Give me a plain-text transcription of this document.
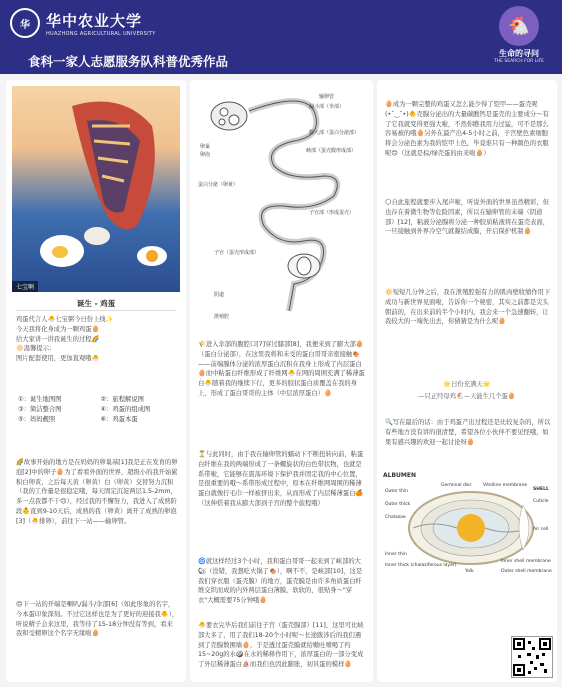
华	华中农业大学
HUAZHONG AGRICULTURAL UNIVERSITY
食科一家人志愿服务队科普优秀作品
🐔
生命的寻问
THE SEARCH FOR LIFE
七宝啊
诞生 - 鸡蛋
鸡蛋代言人🐣七宝粥今日份上线✨
今天我将化身成为一颗鸡蛋🥚
给大家讲一讲我诞生的过程🌈
🔆温馨提示：
图片配套使用，更加直观哦🐣
①：诞生地图图	②：旅程解说图
③：简洁整合图	④：鸡蛋的组成图
⑤：妈妈靓照	⑥：鸡蛋本蛋
🌈故事开始的地方是在妈妈的卵巢基[1]我是正在发育的卵泡[2]中的卵子🥚为了看看外面的世界，超级小的我开始累积白卵黄，之后每天黄（卵黄）白（卵黄）交替努力沉积（我的工作量是很稳定哦，每天固定沉淀两层1.5-2mm，多一点我都不干🙃），经过我的不懈努力，我进入了成熟阶段👶直到9-10天后，成熟的我（卵黄）离开了成熟的卵泡[3]（🐣排卵），前往下一站——输卵管。
🙃下一站的开端是喇叭/漏斗/伞部[6]（如此形象的名字，今本蛋印象深刻。不过它这样也是为了更好的迎接我🐥），听说精子会来这里，我等待了15-18分钟没有等到，看来我和受精卵这个名字无缘啦🥚
卵巢
卵泡
输卵管
漏斗部（伞部）
膨大部（蛋白分泌部）
峡部（蛋壳膜形成部）
蛋白分泌（卵黄）
子宫部（形成蛋壳）
子宫（蛋壳形成部）
阴道
泄殖腔
🌾进入伞部的腹腔口[7]穿过膝部[8]，我便来到了膨大部🥚（蛋白分泌部），在这里我将和未受的蛋白哥哥亲密接触🍖——前端腺体分泌的浓厚蛋白沉积在我身上形成了内层蛋白🥚而中粘蛋白纤维形成了纤维网🐣在网的周围充满了稀薄蛋白🐣随着我的继续下行，更多的胶状蛋白质覆盖在我的身上，形成了蛋白哥哥的主体（中层浓厚蛋白）🥚
⏳与此同时，由于我在输卵管的蠕动下不断扭转向前，粘蛋白纤维在我的两端形成了一条螺旋状的白色带状物，也就是系带啦，它能够在震荡环境下保护我并固定我的中心位置，是很重要的哦～系带形成过程中，原本在纤维网周围的稀薄蛋白就像拧毛巾一样被挤出来，从而形成了内层稀薄蛋白🍊（这伸搭着我从膨大部到子宫的整个旅程哦）
🌀就这样经过3个小时，我和蛋白哥哥一起来到了峡部的大🐿（没错，我想吃火锅了🍖），啊不不，是峡部[10]，这是我们穿衣服（蛋壳膜）的地方，蛋壳膜是由许多角质蛋白纤维交织而成的内外两层蛋白薄膜，软软的，很贴身～"穿衣"大概需要75分钟哦🥚
🐣要衣完毕后我们前往子宫（蛋壳腺部）[11]，这里可比峡部大多了，用了我们18-20个小时呢～长途跋涉后的我们遇到了壳腺数围墙🥚，于是透过蛋壳膜就给嗷吐喷喝了约15~20g的水🥥在水的稀释作用下，浓厚蛋白的一部分变成了外层稀薄蛋白⛵而我们也因此膨胀，初具蛋的模样🥚
🥚成为一颗完整的鸡蛋又怎么能少得了铠甲——蛋壳呢(•ˇ‿ˇ•)🐥壳腺分泌出的大量碳酸钙是蛋壳的主要成分～有了它我就变得更强大啦，不然你瞧我用力过猛，可不是那么容易被的哦🥚另外在最产出4-5小时之前，子宫壁色素细胞将会分泌色素为我的铠甲上色，毕竟谁只有一种颜色的衣服呢🙃（这就是棕/绿壳蛋的由来啦🥚）
🌕自此旅程就要步入尾声啦，听说外面的世界虽然精彩，但也存在着微生物等危险因素，所以在输卵管的末端（阴道部）[12]，粘液分泌腺将分泌一种胶质粘液将在蛋壳表面，一旦接触到外界冷空气就凝结成膜，开启保护机制🥚
🔆短短几分钟之后，我在泄殖腔强有力的肌肉壁收缩作用下成功与新世界见面啦，告诉你一个秘密，其实之前都是尖头朝前的，在出来前的半个小时内，我会来一个急速翻转，让我较大的一端先出去，你猜猜是为什么呢🥚
🌟日份充满天🌟
—只正经母鸡🐔—天能生几个蛋🥚
🔍写在最后的话：由于鸡蛋产出过程还是比较复杂的，所以有些地方没有讲的很清楚，希望各位小伙伴不要见怪哦，如果有感兴趣的欢迎一起讨论呀🥚
ALBUMEN
Outer thin
Outer thick
Chalazae
Inner thin
Inner thick (chalaziferous layer)
Germinal disc Vitelline membrane
Yolk
SHELL
Cuticle
Air cell
Inner shell membrane
Outer shell membrane
